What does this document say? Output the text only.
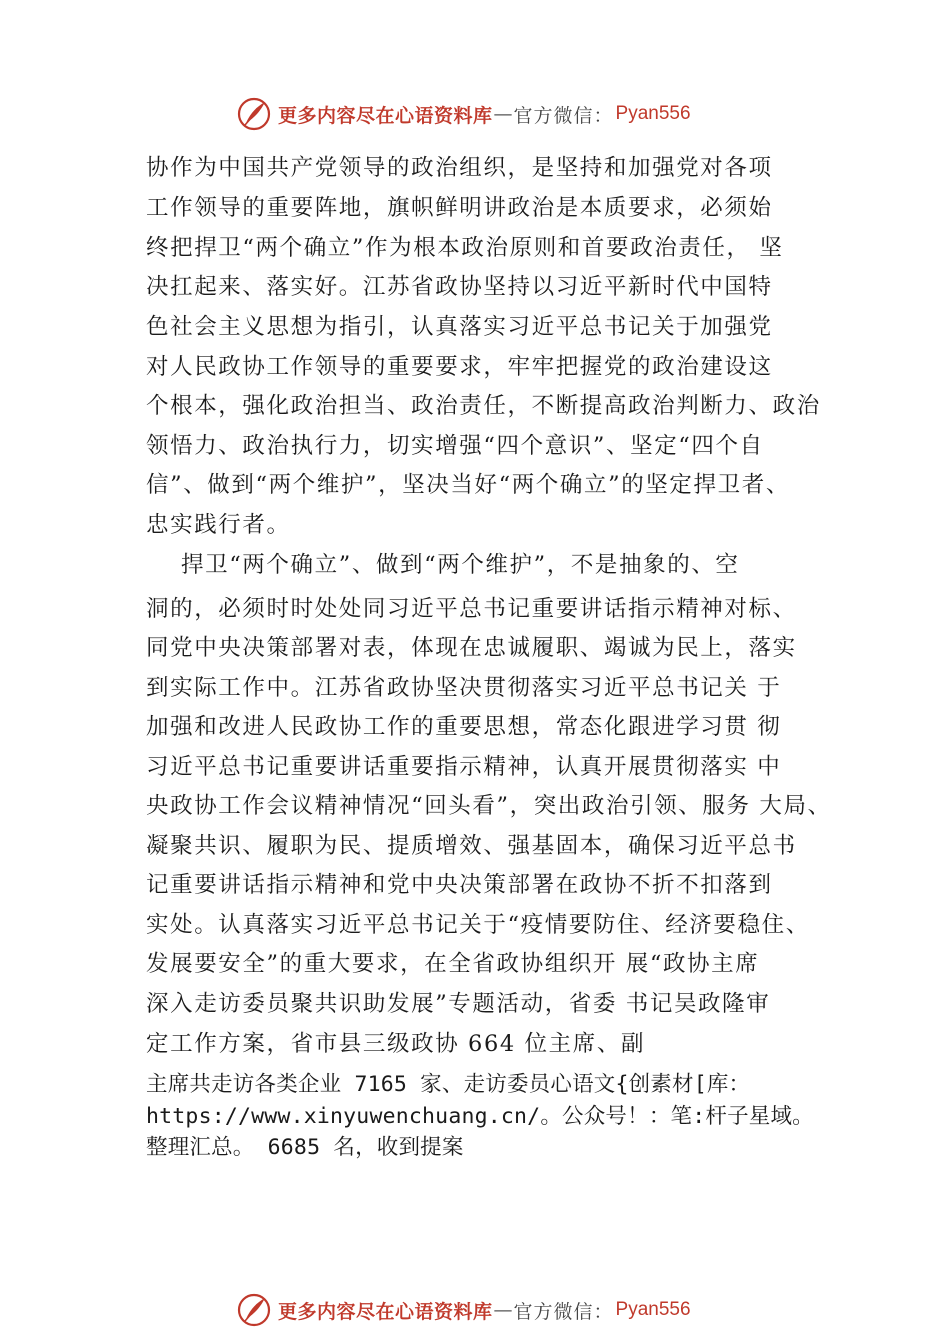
更多内容尽在心语资料库 — 官方微信： Pyan556
协作为中国共产党领导的政治组织，是坚持和加强党对各项
工作领导的重要阵地，旗帜鲜明讲政治是本质要求，必须始
终把捍卫“两个确立”作为根本政治原则和首要政治责任， 坚
决扛起来、落实好。江苏省政协坚持以习近平新时代中国特
色社会主义思想为指引，认真落实习近平总书记关于加强党
对人民政协工作领导的重要要求，牢牢把握党的政治建设这
个根本，强化政治担当、政治责任，不断提高政治判断力、政治
领悟力、政治执行力，切实增强“四个意识”、坚定“四个自
信”、做到“两个维护”，坚决当好“两个确立”的坚定捍卫者、
忠实践行者。
捍卫“两个确立”、做到“两个维护”，不是抽象的、空
洞的，必须时时处处同习近平总书记重要讲话指示精神对标、
同党中央决策部署对表，体现在忠诚履职、竭诚为民上，落实
到实际工作中。江苏省政协坚决贯彻落实习近平总书记关 于
加强和改进人民政协工作的重要思想，常态化跟进学习贯 彻
习近平总书记重要讲话重要指示精神，认真开展贯彻落实 中
央政协工作会议精神情况“回头看”，突出政治引领、服务 大局、
凝聚共识、履职为民、提质增效、强基固本，确保习近平总书
记重要讲话指示精神和党中央决策部署在政协不折不扣落到
实处。认真落实习近平总书记关于“疫情要防住、经济要稳住、
发展要安全”的重大要求，在全省政协组织开 展“政协主席
深入走访委员聚共识助发展”专题活动，省委 书记吴政隆审
定工作方案，省市县三级政协 664 位主席、副
主席共走访各类企业 7165 家、走访委员心语文{创素材[库：
https://www.xinyuwenchuang.cn/。公众号！：笔:杆子星域。
整理汇总。 6685 名，收到提案
更多内容尽在心语资料库 — 官方微信： Pyan556
